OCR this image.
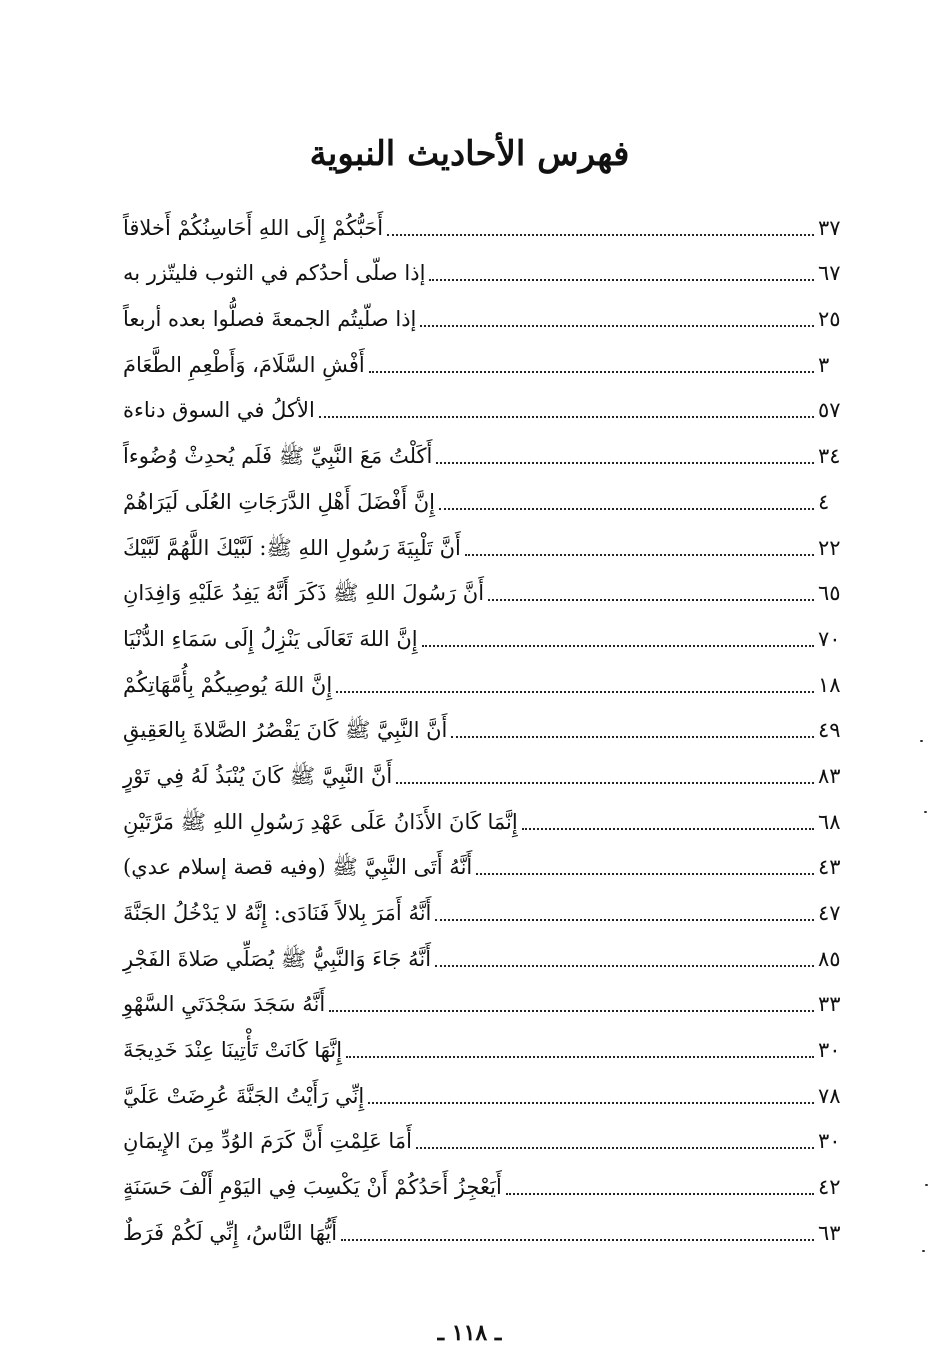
فهرس الأحاديث النبوية
أَحَبُّكُمْ إِلَى اللهِ أَحَاسِنُكُمْ أَخلاقاً	٣٧
إذا صلّى أحدُكم في الثوب فليتّزر به	٦٧
إذا صلّيتُم الجمعةَ فصلُّوا بعده أربعاً	٢٥
أَفْشِ السَّلَامَ، وَأَطْعِمِ الطَّعَامَ	٣
الأكلُ في السوق دناءة	٥٧
أَكَلْتُ مَعَ النَّبِيِّ ﷺ فَلَم يُحدِثْ وُضُوءاً	٣٤
إِنَّ أَفْضَلَ أَهْلِ الدَّرَجَاتِ العُلَى لَيَرَاهُمْ	٤
أَنَّ تَلْبِيَةَ رَسُولِ اللهِ ﷺ: لَبَّيْكَ اللَّهُمَّ لَبَّيْكَ	٢٢
أَنَّ رَسُولَ اللهِ ﷺ ذَكَرَ أَنَّهُ يَفِدُ عَلَيْهِ وَافِدَانِ	٦٥
إِنَّ اللهَ تَعَالَى يَنْزِلُ إِلَى سَمَاءِ الدُّنْيَا	٧٠
إِنَّ اللهَ يُوصِيكُمْ بِأُمَّهَاتِكُمْ	١٨
أَنَّ النَّبِيَّ ﷺ كَانَ يَقْصُرُ الصَّلاةَ بِالعَقِيقِ	٤٩
أَنَّ النَّبِيَّ ﷺ كَانَ يُنْبَذُ لَهُ فِي تَوْرٍ	٨٣
إِنَّمَا كَانَ الأَذَانُ عَلَى عَهْدِ رَسُولِ اللهِ ﷺ مَرَّتَيْنِ	٦٨
أَنَّهُ أَتَى النَّبِيَّ ﷺ (وفيه قصة إسلام عدي)	٤٣
أَنَّهُ أَمَرَ بِلالاً فَنَادَى: إِنَّهُ لا يَدْخُلُ الجَنَّةَ	٤٧
أَنَّهُ جَاءَ وَالنَّبِيُّ ﷺ يُصَلِّي صَلاةَ الفَجْرِ	٨٥
أَنَّهُ سَجَدَ سَجْدَتَيِ السَّهْوِ	٣٣
إِنَّهَا كَانَتْ تَأْتِينَا عِنْدَ خَدِيجَةَ	٣٠
إِنِّي رَأَيْتُ الجَنَّةَ عُرِضَتْ عَلَيَّ	٧٨
أَمَا عَلِمْتِ أَنَّ كَرَمَ الوُدِّ مِنَ الإِيمَانِ	٣٠
أَيَعْجِزُ أَحَدُكُمْ أَنْ يَكْسِبَ فِي اليَوْمِ أَلْفَ حَسَنَةٍ	٤٢
أَيُّهَا النَّاسُ، إِنِّي لَكُمْ فَرَطٌ	٦٣
ـ ١١٨ ـ
